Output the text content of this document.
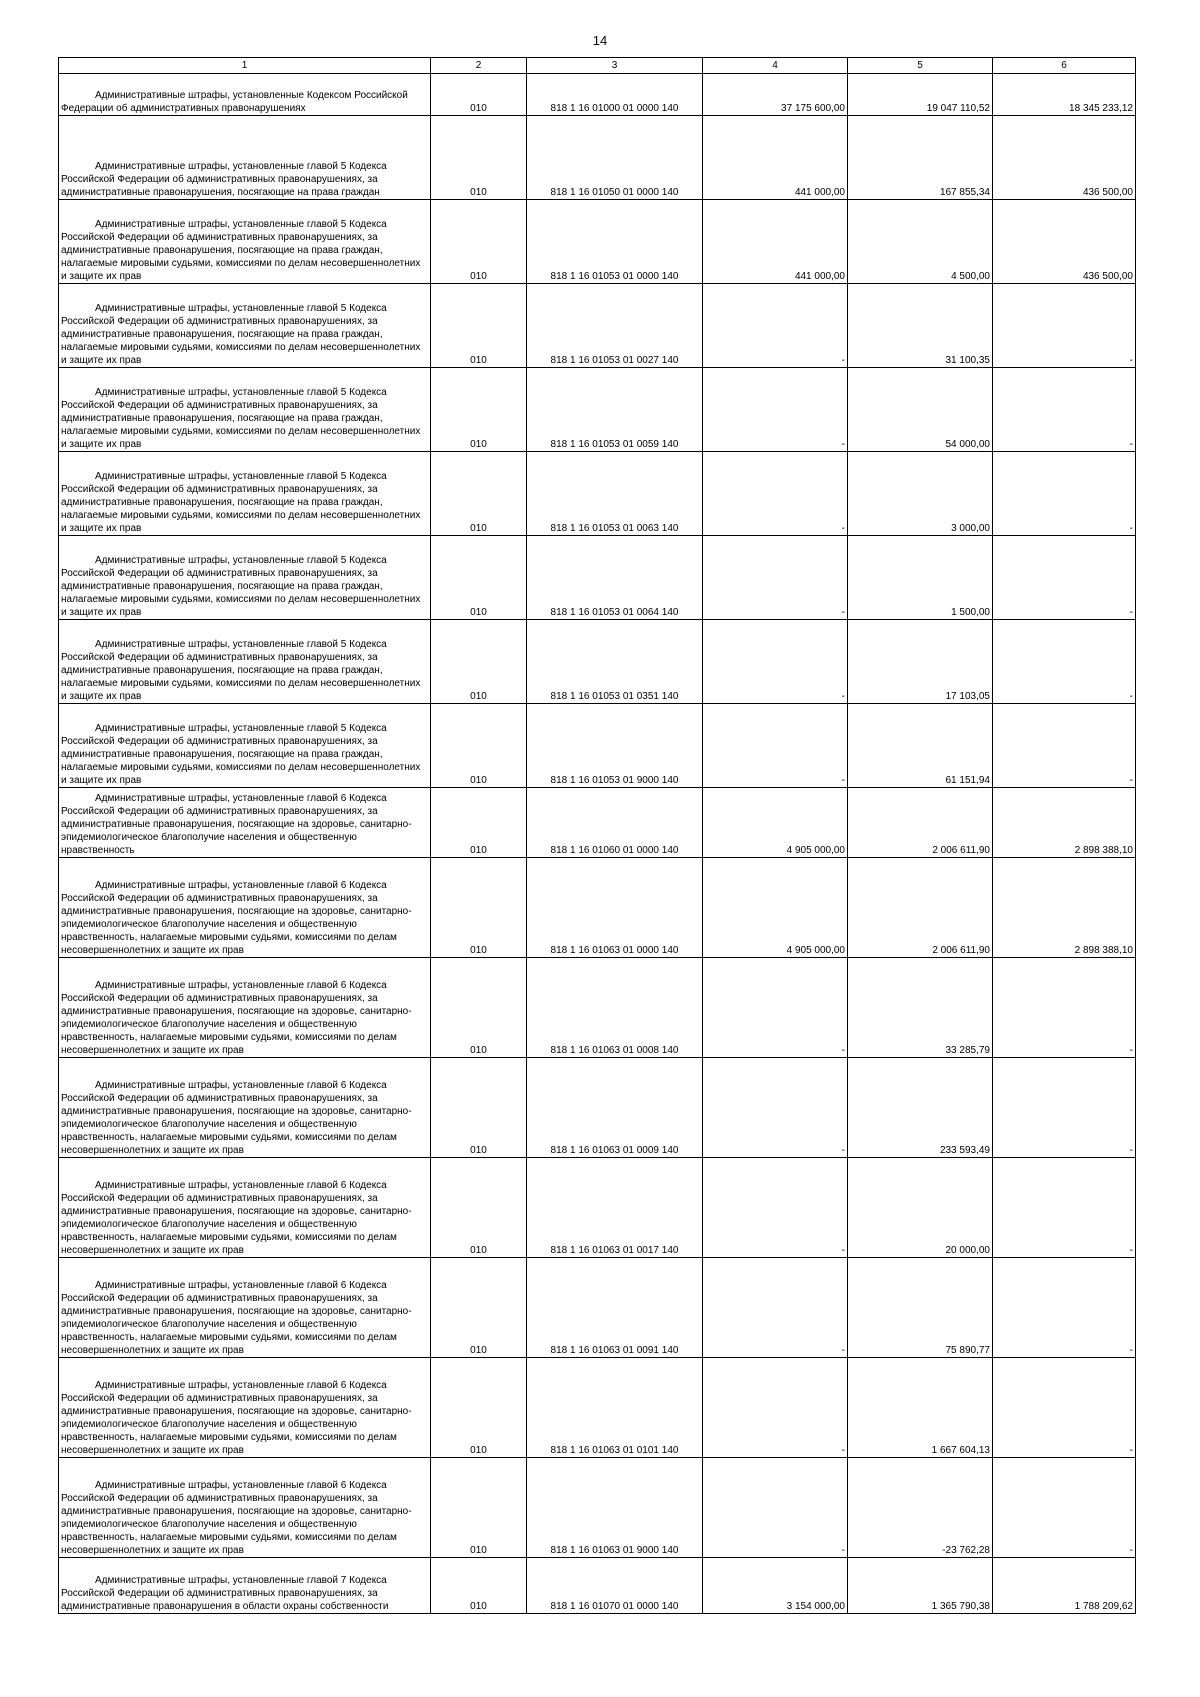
14
1	2	3	4	5	6

Административные штрафы, установленные Кодексом Российской Федерации об административных правонарушениях	010	818 1 16 01000 01 0000 140	37 175 600,00	19 047 110,52	18 345 233,12

Административные штрафы, установленные главой 5 Кодекса Российской Федерации об административных правонарушениях, за административные правонарушения, посягающие на права граждан	010	818 1 16 01050 01 0000 140	441 000,00	167 855,34	436 500,00

Административные штрафы, установленные главой 5 Кодекса Российской Федерации об административных правонарушениях, за административные правонарушения, посягающие на права граждан, налагаемые мировыми судьями, комиссиями по делам несовершеннолетних и защите их прав	010	818 1 16 01053 01 0000 140	441 000,00	4 500,00	436 500,00

Административные штрафы, установленные главой 5 Кодекса Российской Федерации об административных правонарушениях, за административные правонарушения, посягающие на права граждан, налагаемые мировыми судьями, комиссиями по делам несовершеннолетних и защите их прав	010	818 1 16 01053 01 0027 140	-	31 100,35	-

Административные штрафы, установленные главой 5 Кодекса Российской Федерации об административных правонарушениях, за административные правонарушения, посягающие на права граждан, налагаемые мировыми судьями, комиссиями по делам несовершеннолетних и защите их прав	010	818 1 16 01053 01 0059 140	-	54 000,00	-

Административные штрафы, установленные главой 5 Кодекса Российской Федерации об административных правонарушениях, за административные правонарушения, посягающие на права граждан, налагаемые мировыми судьями, комиссиями по делам несовершеннолетних и защите их прав	010	818 1 16 01053 01 0063 140	-	3 000,00	-

Административные штрафы, установленные главой 5 Кодекса Российской Федерации об административных правонарушениях, за административные правонарушения, посягающие на права граждан, налагаемые мировыми судьями, комиссиями по делам несовершеннолетних и защите их прав	010	818 1 16 01053 01 0064 140	-	1 500,00	-

Административные штрафы, установленные главой 5 Кодекса Российской Федерации об административных правонарушениях, за административные правонарушения, посягающие на права граждан, налагаемые мировыми судьями, комиссиями по делам несовершеннолетних и защите их прав	010	818 1 16 01053 01 0351 140	-	17 103,05	-

Административные штрафы, установленные главой 5 Кодекса Российской Федерации об административных правонарушениях, за административные правонарушения, посягающие на права граждан, налагаемые мировыми судьями, комиссиями по делам несовершеннолетних и защите их прав	010	818 1 16 01053 01 9000 140	-	61 151,94	-

Административные штрафы, установленные главой 6 Кодекса Российской Федерации об административных правонарушениях, за административные правонарушения, посягающие на здоровье, санитарно-эпидемиологическое благополучие населения и общественную нравственность	010	818 1 16 01060 01 0000 140	4 905 000,00	2 006 611,90	2 898 388,10

Административные штрафы, установленные главой 6 Кодекса Российской Федерации об административных правонарушениях, за административные правонарушения, посягающие на здоровье, санитарно-эпидемиологическое благополучие населения и общественную нравственность, налагаемые мировыми судьями, комиссиями по делам несовершеннолетних и защите их прав	010	818 1 16 01063 01 0000 140	4 905 000,00	2 006 611,90	2 898 388,10

Административные штрафы, установленные главой 6 Кодекса Российской Федерации об административных правонарушениях, за административные правонарушения, посягающие на здоровье, санитарно-эпидемиологическое благополучие населения и общественную нравственность, налагаемые мировыми судьями, комиссиями по делам несовершеннолетних и защите их прав	010	818 1 16 01063 01 0008 140	-	33 285,79	-

Административные штрафы, установленные главой 6 Кодекса Российской Федерации об административных правонарушениях, за административные правонарушения, посягающие на здоровье, санитарно-эпидемиологическое благополучие населения и общественную нравственность, налагаемые мировыми судьями, комиссиями по делам несовершеннолетних и защите их прав	010	818 1 16 01063 01 0009 140	-	233 593,49	-

Административные штрафы, установленные главой 6 Кодекса Российской Федерации об административных правонарушениях, за административные правонарушения, посягающие на здоровье, санитарно-эпидемиологическое благополучие населения и общественную нравственность, налагаемые мировыми судьями, комиссиями по делам несовершеннолетних и защите их прав	010	818 1 16 01063 01 0017 140	-	20 000,00	-

Административные штрафы, установленные главой 6 Кодекса Российской Федерации об административных правонарушениях, за административные правонарушения, посягающие на здоровье, санитарно-эпидемиологическое благополучие населения и общественную нравственность, налагаемые мировыми судьями, комиссиями по делам несовершеннолетних и защите их прав	010	818 1 16 01063 01 0091 140	-	75 890,77	-

Административные штрафы, установленные главой 6 Кодекса Российской Федерации об административных правонарушениях, за административные правонарушения, посягающие на здоровье, санитарно-эпидемиологическое благополучие населения и общественную нравственность, налагаемые мировыми судьями, комиссиями по делам несовершеннолетних и защите их прав	010	818 1 16 01063 01 0101 140	-	1 667 604,13	-

Административные штрафы, установленные главой 6 Кодекса Российской Федерации об административных правонарушениях, за административные правонарушения, посягающие на здоровье, санитарно-эпидемиологическое благополучие населения и общественную нравственность, налагаемые мировыми судьями, комиссиями по делам несовершеннолетних и защите их прав	010	818 1 16 01063 01 9000 140	-	-23 762,28	-

Административные штрафы, установленные главой 7 Кодекса Российской Федерации об административных правонарушениях, за административные правонарушения в области охраны собственности	010	818 1 16 01070 01 0000 140	3 154 000,00	1 365 790,38	1 788 209,62
